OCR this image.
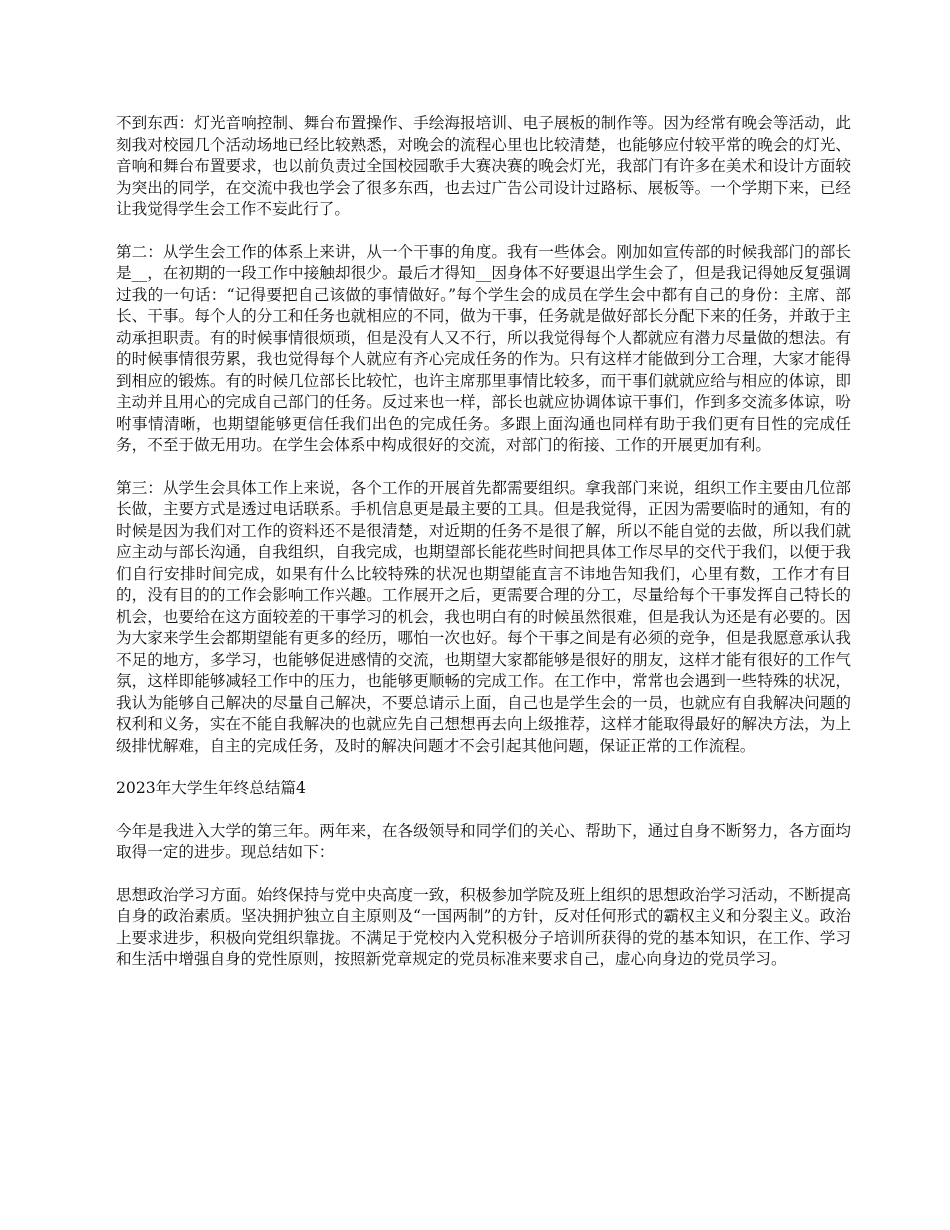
不到东西：灯光音响控制、舞台布置操作、手绘海报培训、电子展板的制作等。因为经常有晚会等活动，此刻我对校园几个活动场地已经比较熟悉，对晚会的流程心里也比较清楚，也能够应付较平常的晚会的灯光、音响和舞台布置要求，也以前负责过全国校园歌手大赛决赛的晚会灯光，我部门有许多在美术和设计方面较为突出的同学，在交流中我也学会了很多东西，也去过广告公司设计过路标、展板等。一个学期下来，已经让我觉得学生会工作不妄此行了。

第二：从学生会工作的体系上来讲，从一个干事的角度。我有一些体会。刚加如宣传部的时候我部门的部长是__，在初期的一段工作中接触却很少。最后才得知__因身体不好要退出学生会了，但是我记得她反复强调过我的一句话：“记得要把自己该做的事情做好。”每个学生会的成员在学生会中都有自己的身份：主席、部长、干事。每个人的分工和任务也就相应的不同，做为干事，任务就是做好部长分配下来的任务，并敢于主动承担职责。有的时候事情很烦琐，但是没有人又不行，所以我觉得每个人都就应有潜力尽量做的想法。有的时候事情很劳累，我也觉得每个人就应有齐心完成任务的作为。只有这样才能做到分工合理，大家才能得到相应的锻炼。有的时候几位部长比较忙，也许主席那里事情比较多，而干事们就就应给与相应的体谅，即主动并且用心的完成自己部门的任务。反过来也一样，部长也就应协调体谅干事们，作到多交流多体谅，吩咐事情清晰，也期望能够更信任我们出色的完成任务。多跟上面沟通也同样有助于我们更有目性的完成任务，不至于做无用功。在学生会体系中构成很好的交流，对部门的衔接、工作的开展更加有利。

第三：从学生会具体工作上来说，各个工作的开展首先都需要组织。拿我部门来说，组织工作主要由几位部长做，主要方式是透过电话联系。手机信息更是最主要的工具。但是我觉得，正因为需要临时的通知，有的时候是因为我们对工作的资料还不是很清楚，对近期的任务不是很了解，所以不能自觉的去做，所以我们就应主动与部长沟通，自我组织，自我完成，也期望部长能花些时间把具体工作尽早的交代于我们，以便于我们自行安排时间完成，如果有什么比较特殊的状况也期望能直言不讳地告知我们，心里有数，工作才有目的，没有目的的工作会影响工作兴趣。工作展开之后，更需要合理的分工，尽量给每个干事发挥自己特长的机会，也要给在这方面较差的干事学习的机会，我也明白有的时候虽然很难，但是我认为还是有必要的。因为大家来学生会都期望能有更多的经历，哪怕一次也好。每个干事之间是有必须的竞争，但是我愿意承认我不足的地方，多学习，也能够促进感情的交流，也期望大家都能够是很好的朋友，这样才能有很好的工作气氛，这样即能够减轻工作中的压力，也能够更顺畅的完成工作。在工作中，常常也会遇到一些特殊的状况，我认为能够自己解决的尽量自己解决，不要总请示上面，自己也是学生会的一员，也就应有自我解决问题的权利和义务，实在不能自我解决的也就应先自己想想再去向上级推荐，这样才能取得最好的解决方法，为上级排忧解难，自主的完成任务，及时的解决问题才不会引起其他问题，保证正常的工作流程。

2023年大学生年终总结篇4

今年是我进入大学的第三年。两年来，在各级领导和同学们的关心、帮助下，通过自身不断努力，各方面均取得一定的进步。现总结如下：

思想政治学习方面。始终保持与党中央高度一致，积极参加学院及班上组织的思想政治学习活动，不断提高自身的政治素质。坚决拥护独立自主原则及“一国两制”的方针，反对任何形式的霸权主义和分裂主义。政治上要求进步，积极向党组织靠拢。不满足于党校内入党积极分子培训所获得的党的基本知识，在工作、学习和生活中增强自身的党性原则，按照新党章规定的党员标准来要求自己，虚心向身边的党员学习。
